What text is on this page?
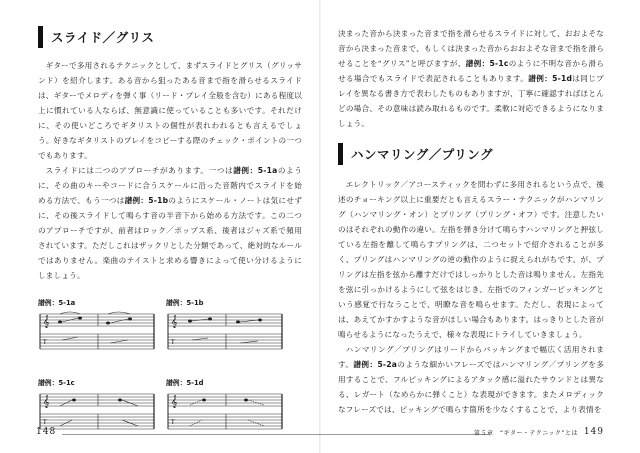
スライド／グリス

ギターで多用されるテクニックとして、まずスライドとグリス（グリッサンド）を紹介します。ある音から狙ったある音まで指を滑らせるスライドは、ギターでメロディを弾く事（リード・プレイ全般を含む）にある程度以上に慣れている人ならば、無意識に使っていることも多いです。それだけに、その使いどころでギタリストの個性が表れわれるとも言えるでしょう。好きなギタリストのプレイをコピーする際のチェック・ポイントの一つでもあります。

スライドには二つのアプローチがあります。一つは譜例：5-1aのように、その曲のキーやコードに合うスケールに沿った音階内でスライドを始める方法で、もう一つは譜例：5-1bのようにスケール・ノートは気にせずに、その後スライドして鳴らす音の半音下から始める方法です。この二つのアプローチですが、前者はロック／ポップス系、後者はジャズ系で頻用されています。ただしこれはザックリとした分類であって、絶対的なルールではありません。楽曲のテイストと求める響きによって使い分けるようにしましょう。

譜例：5-1a
𝄞
T
譜例：5-1b
𝄞
T
譜例：5-1c
𝄞
T
譜例：5-1d
𝄞
T

決まった音から決まった音まで指を滑らせるスライドに対して、おおよそな音から決まった音まで、もしくは決まった音からおおよそな音まで指を滑らせることを“グリス”と呼びますが、譜例：5-1cのように不明な音から滑らせる場合でもスライドで表記されることもあります。譜例：5-1dは同じプレイを異なる書き方で表わしたものもありますが、丁寧に確認すればほとんどの場合、その意味は読み取れるものです。柔軟に対応できるようになりましょう。

ハンマリング／プリング

エレクトリック／アコースティックを問わずに多用されるという点で、後述のチョーキング以上に重要だとも言えるスラー・テクニックがハンマリング（ハンマリング・オン）とプリング（プリング・オフ）です。注意したいのはそれぞれの動作の違い。左指を弾き分けて鳴らすハンマリングと押弦している左指を離して鳴らすプリングは、二つセットで紹介されることが多く、プリングはハンマリングの逆の動作のように捉えられがちです。が、プリングは左指を弦から離すだけではしっかりとした音は鳴りません。左指先を弦に引っかけるようにして弦をはじき、左指でのフィンガーピッキングという感覚で行なうことで、明瞭な音を鳴らせます。ただし、表現によっては、あえてかすかすような音がほしい場合もあります。はっきりとした音が鳴らせるようになったうえで、様々な表現にトライしていきましょう。

ハンマリング／プリングはリードからバッキングまで幅広く活用されます。譜例：5-2aのような細かいフレーズではハンマリング／プリングを多用することで、フルピッキングによるアタック感に溢れたサウンドとは異なる、レガート（なめらかに弾くこと）な表現ができます。またメロディックなフレーズでは、ピッキングで鳴らす箇所を少なくすることで、より表情を

148	第５章　“ギター・テクニック”とは 149
